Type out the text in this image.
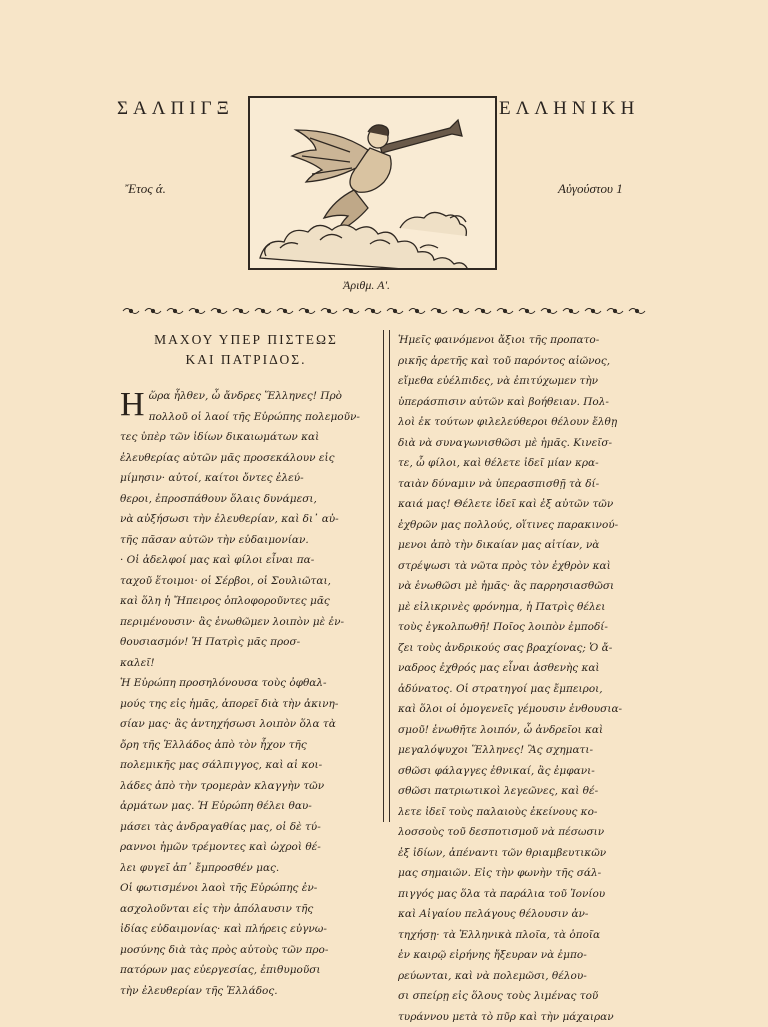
ΣΑΛΠΙΓΞ	ΕΛΛΗΝΙΚΗ
Ἔτος ά.	Αὐγούστου 1
Ἀριθμ. Α'.
ΜΑΧΟΥ ΥΠΕΡ ΠΙΣΤΕΩΣ
ΚΑΙ ΠΑΤΡΙΔΟΣ.
Η ὥρα ἦλθεν, ὦ ἄνδρες Ἕλληνες! Πρὸ
πολλοῦ οἱ λαοί τῆς Εὐρώπης πολεμοῦν-
τες ὑπὲρ τῶν ἰδίων δικαιωμάτων καὶ
ἐλευθερίας αὐτῶν μᾶς προσεκάλουν εἰς
μίμησιν· αὐτοί, καίτοι ὄντες ἐλεύ-
θεροι, ἐπροσπάθουν ὅλαις δυνάμεσι,
νὰ αὐξήσωσι τὴν ἐλευθερίαν, καὶ δι᾽ αὐ-
τῆς πᾶσαν αὐτῶν τὴν εὐδαιμονίαν.
· Οἱ ἀδελφοί μας καὶ φίλοι εἶναι πα-
ταχοῦ ἕτοιμοι· οἱ Σέρβοι, οἱ Σουλιῶται,
καὶ ὅλη ἡ Ἤπειρος ὁπλοφοροῦντες μᾶς
περιμένουσιν· ἂς ἑνωθῶμεν λοιπὸν μὲ ἐν-
θουσιασμόν! Ἡ Πατρὶς μᾶς προσ-
καλεῖ!
Ἡ Εὐρώπη προσηλόνουσα τοὺς ὀφθαλ-
μούς της εἰς ἡμᾶς, ἀπορεῖ διὰ τὴν ἀκινη-
σίαν μας· ἂς ἀντηχήσωσι λοιπὸν ὅλα τὰ
ὄρη τῆς Ἑλλάδος ἀπὸ τὸν ἦχον τῆς
πολεμικῆς μας σάλπιγγος, καὶ αἱ κοι-
λάδες ἀπὸ τὴν τρομερὰν κλαγγὴν τῶν
ἀρμάτων μας. Ἡ Εὐρώπη θέλει θαυ-
μάσει τὰς ἀνδραγαθίας μας, οἱ δὲ τύ-
ραννοι ἡμῶν τρέμοντες καὶ ὠχροὶ θέ-
λει φυγεῖ ἀπ᾽ ἔμπροσθέν μας.
Οἱ φωτισμένοι λαοὶ τῆς Εὐρώπης ἐν-
ασχολοῦνται εἰς τὴν ἀπόλαυσιν τῆς
ἰδίας εὐδαιμονίας· καὶ πλήρεις εὐγνω-
μοσύνης διὰ τὰς πρὸς αὐτοὺς τῶν προ-
πατόρων μας εὐεργεσίας, ἐπιθυμοῦσι
τὴν ἐλευθερίαν τῆς Ἑλλάδος.
Ἡμεῖς φαινόμενοι ἄξιοι τῆς προπατο-
ρικῆς ἀρετῆς καὶ τοῦ παρόντος αἰῶνος,
εἴμεθα εὐέλπιδες, νὰ ἐπιτύχωμεν τὴν
ὑπεράσπισιν αὐτῶν καὶ βοήθειαν. Πολ-
λοὶ ἐκ τούτων φιλελεύθεροι θέλουν ἔλθῃ
διὰ νὰ συναγωνισθῶσι μὲ ἡμᾶς. Κινεῖσ-
τε, ὦ φίλοι, καὶ θέλετε ἰδεῖ μίαν κρα-
ταιὰν δύναμιν νὰ ὑπερασπισθῇ τὰ δί-
καιά μας! Θέλετε ἰδεῖ καὶ ἐξ αὐτῶν τῶν
ἐχθρῶν μας πολλούς, οἵτινες παρακινού-
μενοι ἀπὸ τὴν δικαίαν μας αἰτίαν, νὰ
στρέψωσι τὰ νῶτα πρὸς τὸν ἐχθρὸν καὶ
νὰ ἑνωθῶσι μὲ ἡμᾶς· ἂς παρρησιασθῶσι
μὲ εἰλικρινὲς φρόνημα, ἡ Πατρὶς θέλει
τοὺς ἐγκολπωθῆ! Ποῖος λοιπὸν ἐμποδί-
ζει τοὺς ἀνδρικούς σας βραχίονας; Ὁ ἄ-
ναδρος ἐχθρός μας εἶναι ἀσθενὴς καὶ
ἀδύνατος. Οἱ στρατηγοί μας ἔμπειροι,
καὶ ὅλοι οἱ ὁμογενεῖς γέμουσιν ἐνθουσια-
σμοῦ! ἑνωθῆτε λοιπόν, ὦ ἀνδρεῖοι καὶ
μεγαλόψυχοι Ἕλληνες! Ἂς σχηματι-
σθῶσι φάλαγγες ἐθνικαί, ἂς ἐμφανι-
σθῶσι πατριωτικοὶ λεγεῶνες, καὶ θέ-
λετε ἰδεῖ τοὺς παλαιοὺς ἐκείνους κο-
λοσσοὺς τοῦ δεσποτισμοῦ νὰ πέσωσιν
ἐξ ἰδίων, ἀπέναντι τῶν θριαμβευτικῶν
μας σημαιῶν. Εἰς τὴν φωνὴν τῆς σάλ-
πιγγός μας ὅλα τὰ παράλια τοῦ Ἰονίου
καὶ Αἰγαίου πελάγους θέλουσιν ἀν-
τηχήσῃ· τὰ Ἑλληνικὰ πλοῖα, τὰ ὁποῖα
ἐν καιρῷ εἰρήνης ἤξευραν νὰ ἐμπο-
ρεύωνται, καὶ νὰ πολεμῶσι, θέλου-
σι σπείρῃ εἰς ὅλους τοὺς λιμένας τοῦ
τυράννου μετὰ τὸ πῦρ καὶ τὴν μάχαιραν
